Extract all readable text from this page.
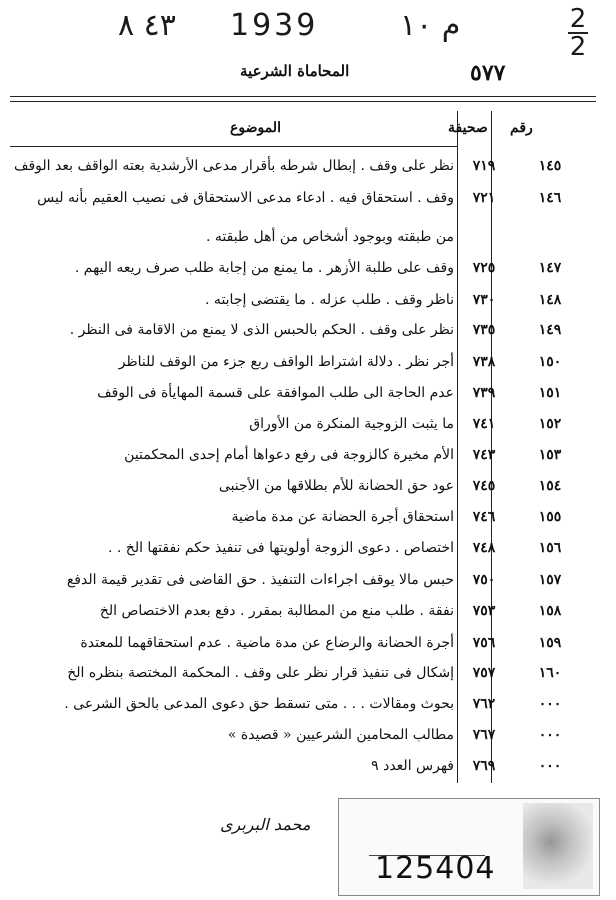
٤٣ ٨ 1939	م ١٠	2
2
٥٧٧
المحاماة الشرعية
رقم
صحيفة
الموضوع
١٤٥
٧١٩
نظر على وقف . إبطال شرطه بأقرار مدعى الأرشدية بعته الواقف بعد الوقف
١٤٦
٧٢١
وقف . استحقاق فيه . ادعاء مدعى الاستحقاق فى نصيب العقيم بأنه ليس
من طبقته وبوجود أشخاص من أهل طبقته .
١٤٧
٧٢٥
وقف على طلبة الأزهر . ما يمنع من إجابة طلب صرف ريعه اليهم .
١٤٨
٧٣٠
ناظر وقف . طلب عزله . ما يقتضى إجابته .
١٤٩
٧٣٥
نظر على وقف . الحكم بالحبس الذى لا يمنع من الاقامة فى النظر .
١٥٠
٧٣٨
أجر نظر . دلالة اشتراط الواقف ربع جزء من الوقف للناظر
١٥١
٧٣٩
عدم الحاجة الى طلب الموافقة على قسمة المهايأة فى الوقف
١٥٢
٧٤١
ما يثبت الزوجية المنكرة من الأوراق
١٥٣
٧٤٣
الأم مخيرة كالزوجة فى رفع دعواها أمام إحدى المحكمتين
١٥٤
٧٤٥
عود حق الحضانة للأم بطلاقها من الأجنبى
١٥٥
٧٤٦
استحقاق أجرة الحضانة عن مدة ماضية
١٥٦
٧٤٨
اختصاص . دعوى الزوجة أولويتها فى تنفيذ حكم نفقتها الخ . .
١٥٧
٧٥٠
حبس مالا يوقف اجراءات التنفيذ . حق القاضى فى تقدير قيمة الدفع
١٥٨
٧٥٣
نفقة . طلب منع من المطالبة بمقرر . دفع بعدم الاختصاص الخ
١٥٩
٧٥٦
أجرة الحضانة والرضاع عن مدة ماضية . عدم استحقاقهما للمعتدة
١٦٠
٧٥٧
إشكال فى تنفيذ قرار نظر على وقف . المحكمة المختصة بنظره الخ
٠٠٠
٧٦٢
بحوث ومقالات . . . متى تسقط حق دعوى المدعى بالحق الشرعى .
٠٠٠
٧٦٧
مطالب المحامين الشرعيين « قصيدة »
٠٠٠
٧٦٩
فهرس العدد ٩
محمد البربرى
125404
